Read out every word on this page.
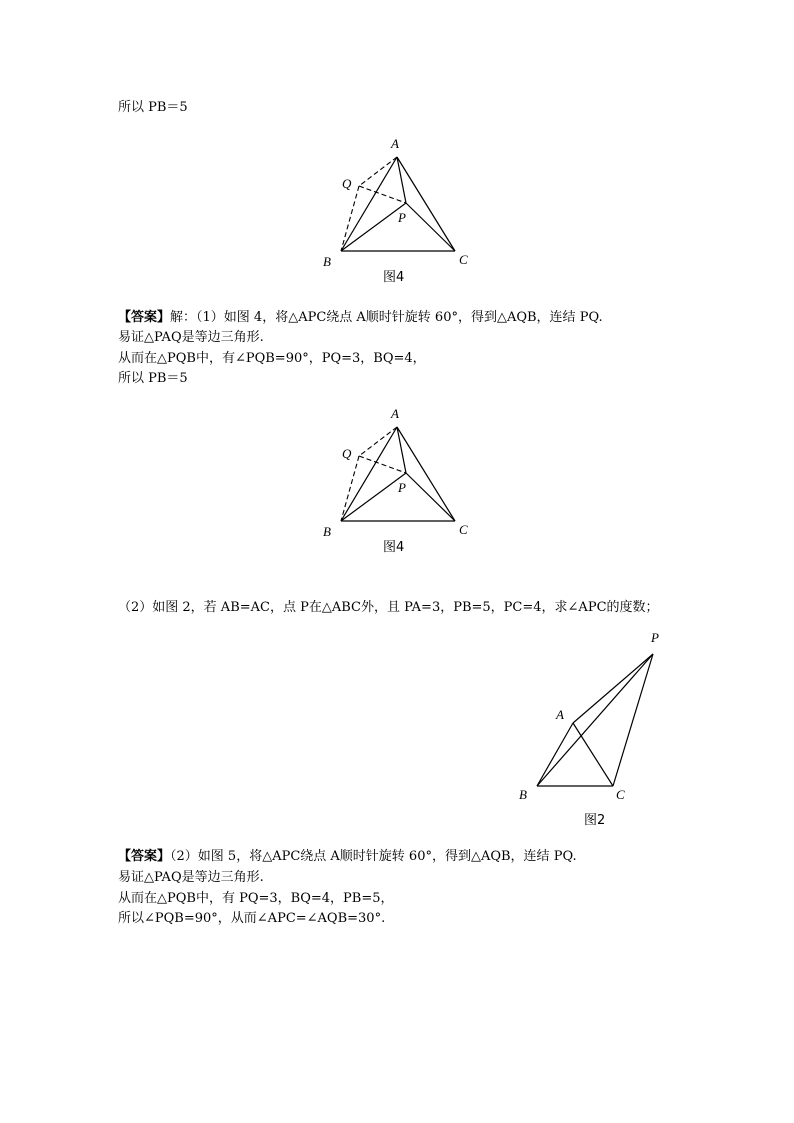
所以 PB＝5
A
Q
P
B	C
图4
【答案】解：（1）如图 4，将△APC绕点 A顺时针旋转 60°，得到△AQB，连结 PQ.
易证△PAQ是等边三角形.
从而在△PQB中，有∠PQB=90°，PQ=3，BQ=4，
所以 PB＝5
A
Q
P
B	C
图4
（2）如图 2，若 AB=AC，点 P在△ABC外，且 PA=3，PB=5，PC=4，求∠APC的度数；
P
A
B	C
图2
【答案】（2）如图 5，将△APC绕点 A顺时针旋转 60°，得到△AQB，连结 PQ.
易证△PAQ是等边三角形.
从而在△PQB中，有 PQ=3，BQ=4，PB=5，
所以∠PQB=90°，从而∠APC=∠AQB=30°.
